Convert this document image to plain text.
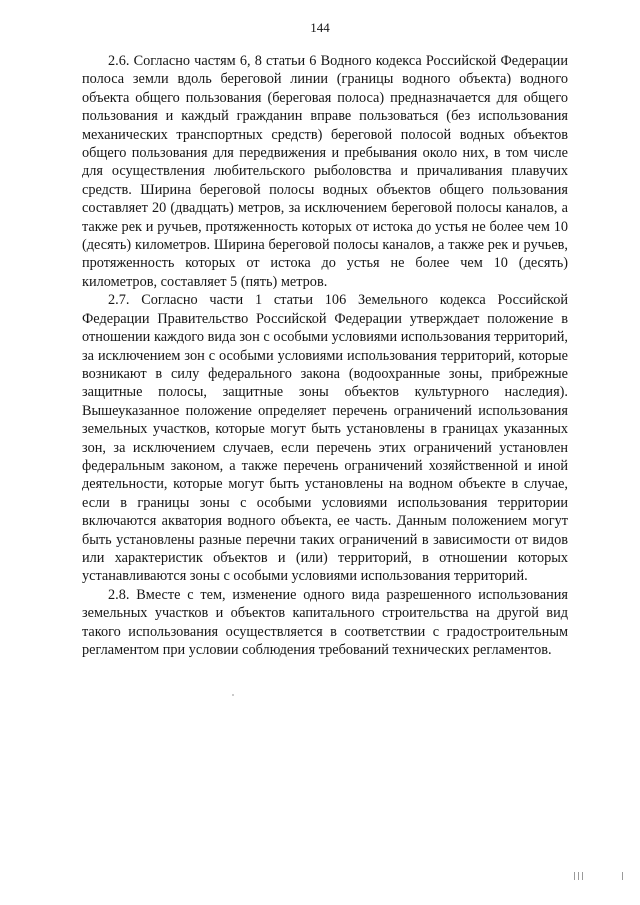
144

2.6. Согласно частям 6, 8 статьи 6 Водного кодекса Российской Федерации полоса земли вдоль береговой линии (границы водного объекта) водного объекта общего пользования (береговая полоса) предназначается для общего пользования и каждый гражданин вправе пользоваться (без использования механических транспортных средств) береговой полосой водных объектов общего пользования для передвижения и пребывания около них, в том числе для осуществления любительского рыболовства и причаливания плавучих средств. Ширина береговой полосы водных объектов общего пользования составляет 20 (двадцать) метров, за исключением береговой полосы каналов, а также рек и ручьев, протяженность которых от истока до устья не более чем 10 (десять) километров. Ширина береговой полосы каналов, а также рек и ручьев, протяженность которых от истока до устья не более чем 10 (десять) километров, составляет 5 (пять) метров.

2.7. Согласно части 1 статьи 106 Земельного кодекса Российской Федерации Правительство Российской Федерации утверждает положение в отношении каждого вида зон с особыми условиями использования территорий, за исключением зон с особыми условиями использования территорий, которые возникают в силу федерального закона (водоохранные зоны, прибрежные защитные полосы, защитные зоны объектов культурного наследия). Вышеуказанное положение определяет перечень ограничений использования земельных участков, которые могут быть установлены в границах указанных зон, за исключением случаев, если перечень этих ограничений установлен федеральным законом, а также перечень ограничений хозяйственной и иной деятельности, которые могут быть установлены на водном объекте в случае, если в границы зоны с особыми условиями использования территории включаются акватория водного объекта, ее часть. Данным положением могут быть установлены разные перечни таких ограничений в зависимости от видов или характеристик объектов и (или) территорий, в отношении которых устанавливаются зоны с особыми условиями использования территорий.

2.8. Вместе с тем, изменение одного вида разрешенного использования земельных участков и объектов капитального строительства на другой вид такого использования осуществляется в соответствии с градостроительным регламентом при условии соблюдения требований технических регламентов.
